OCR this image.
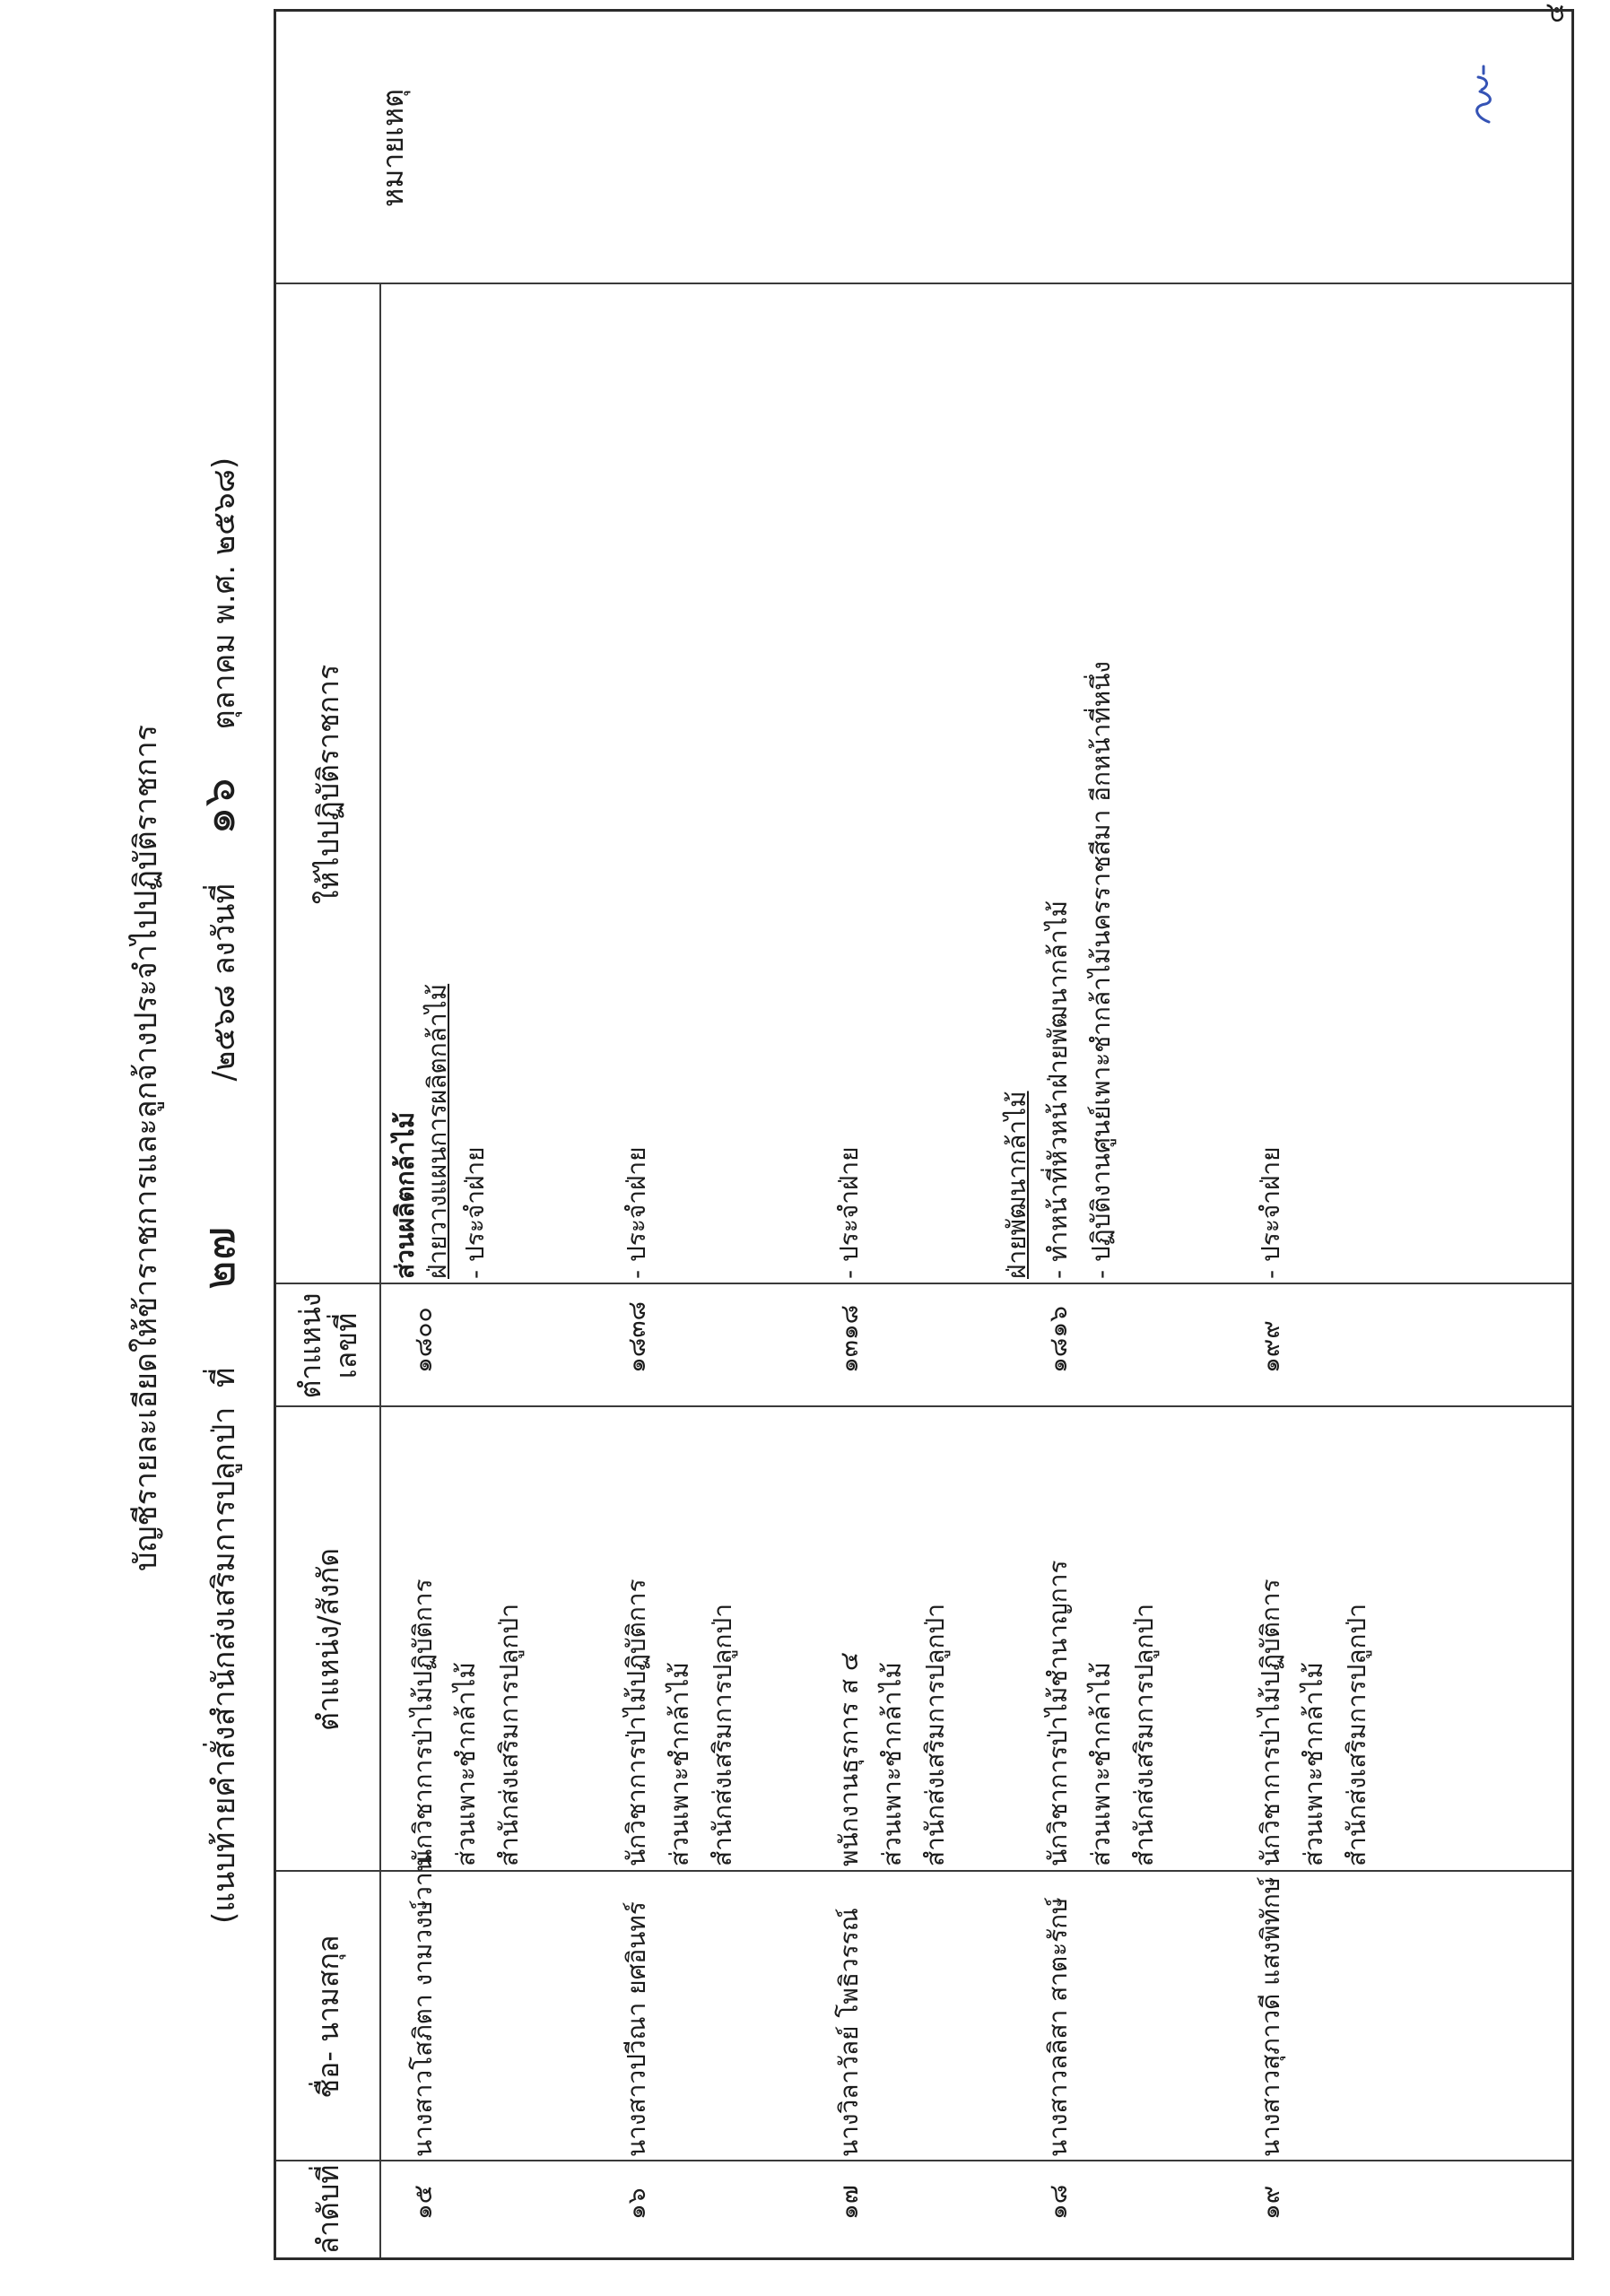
๔
บัญชีรายละเอียดให้ข้าราชการและลูกจ้างประจำไปปฏิบัติราชการ
(แนบท้ายคำสั่งสำนักส่งเสริมการปลูกป่า  ที่        ๒๗               /๒๕๖๘ ลงวันที่     ๑๖     ตุลาคม พ.ศ. ๒๕๖๘)
ลำดับที่
ชื่อ- นามสกุล
ตำแหน่ง/สังกัด
ตำแหน่ง เลขที่
ให้ไปปฏิบัติราชการ
หมายเหตุ
๑๕
นางสาวโสภิตา งามวงษ์วาน
นักวิชาการป่าไม้ปฏิบัติการ ส่วนเพาะชำกล้าไม้ สำนักส่งเสริมการปลูกป่า
๑๘๐๐
ส่วนผลิตกล้าไม้ ฝ่ายวางแผนการผลิตกล้าไม้ - ประจำฝ่าย
๑๖
นางสาวปวีณา ยศอินทร์
นักวิชาการป่าไม้ปฏิบัติการ ส่วนเพาะชำกล้าไม้ สำนักส่งเสริมการปลูกป่า
๑๘๓๘
- ประจำฝ่าย
๑๗
นางวิลาวัลย์ โพธิวรรณ์
พนักงานธุรการ ส ๔ ส่วนเพาะชำกล้าไม้ สำนักส่งเสริมการปลูกป่า
๑๓๑๘
- ประจำฝ่าย
๑๘
นางสาวลลิสา สาตะรักษ์
นักวิชาการป่าไม้ชำนาญการ ส่วนเพาะชำกล้าไม้ สำนักส่งเสริมการปลูกป่า
๑๘๑๖
ฝ่ายพัฒนากล้าไม้ - ทำหน้าที่หัวหน้าฝ่ายพัฒนากล้าไม้ - ปฏิบัติงานศูนย์เพาะชำกล้าไม้นครราชสีมา อีกหน้าที่หนึ่ง
๑๙
นางสาวสุภาวดี แสงพิทักษ์
นักวิชาการป่าไม้ปฏิบัติการ ส่วนเพาะชำกล้าไม้ สำนักส่งเสริมการปลูกป่า
๑๙๙
- ประจำฝ่าย
